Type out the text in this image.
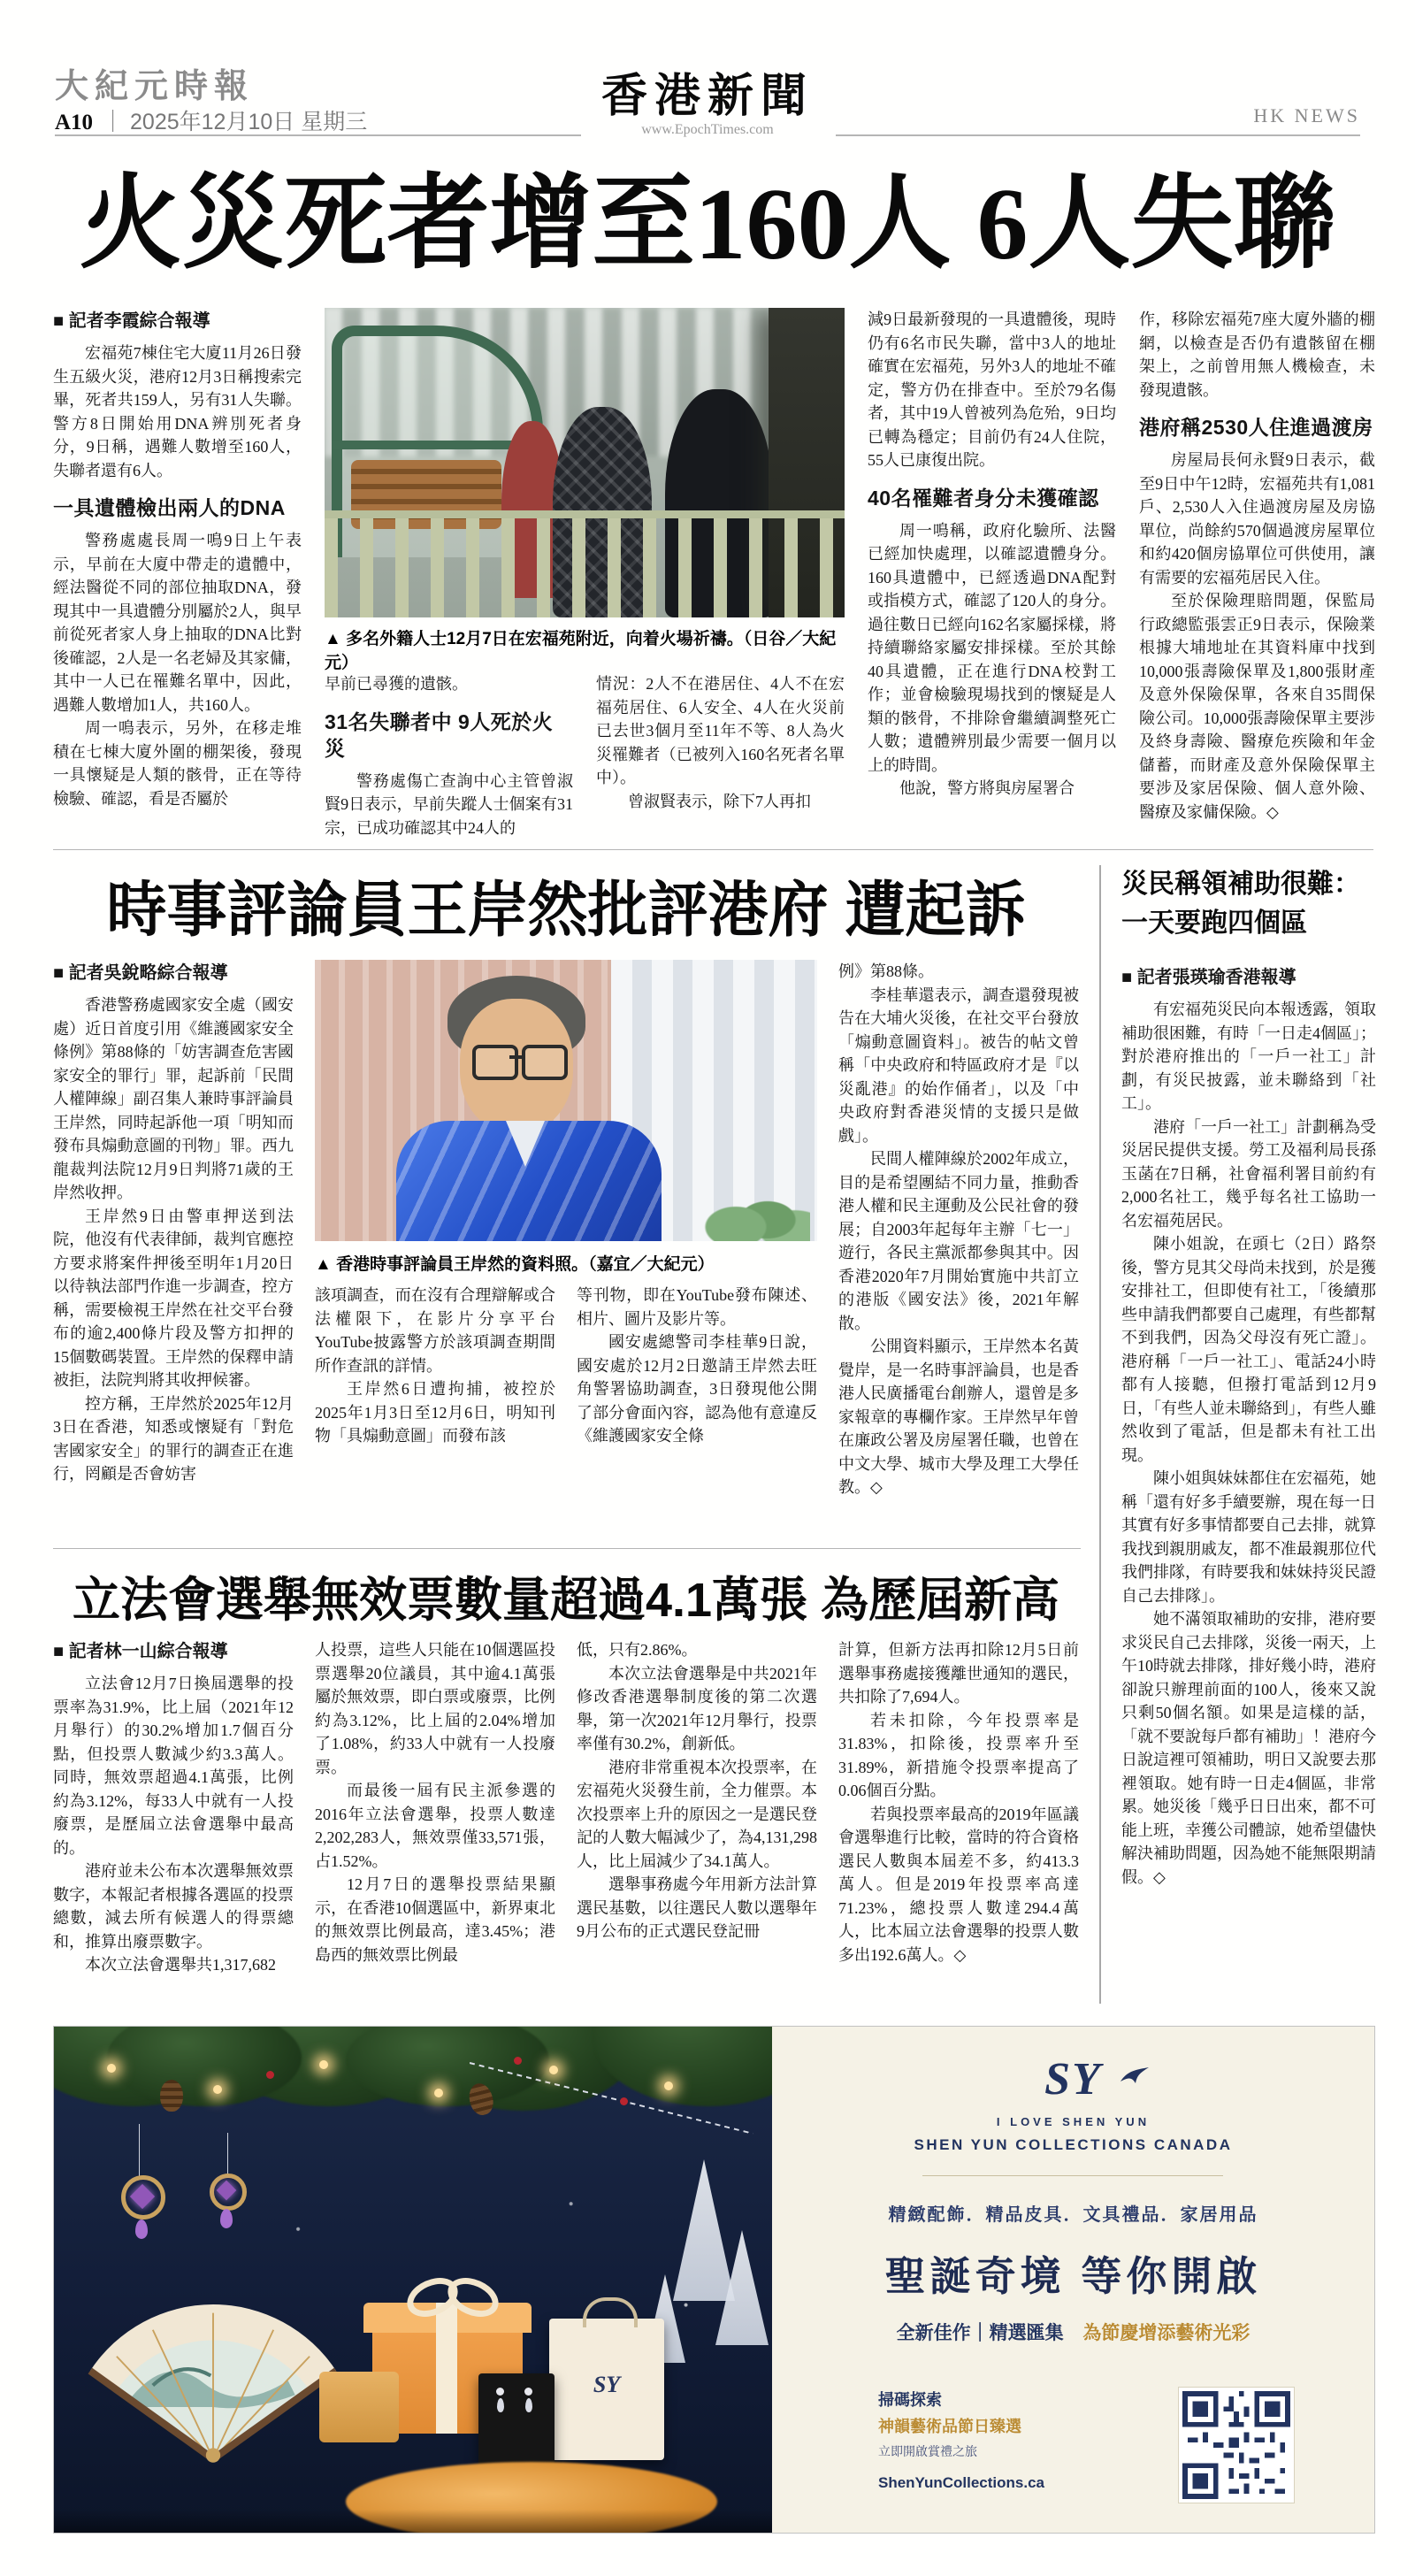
大紀元時報
A10 ｜ 2025年12月10日 星期三	香港新聞
www.EpochTimes.com
HK NEWS
火災死者增至160人 6人失聯

■ 記者李霞綜合報導

宏福苑7棟住宅大廈11月26日發生五級火災，港府12月3日稱搜索完畢，死者共159人，另有31人失聯。警方8日開始用DNA辨別死者身分，9日稱，遇難人數增至160人，失聯者還有6人。

一具遺體檢出兩人的DNA

警務處處長周一鳴9日上午表示，早前在大廈中帶走的遺體中，經法醫從不同的部位抽取DNA，發現其中一具遺體分別屬於2人，與早前從死者家人身上抽取的DNA比對後確認，2人是一名老婦及其家傭，其中一人已在罹難名單中，因此，遇難人數增加1人，共160人。

周一鳴表示，另外，在移走堆積在七棟大廈外圍的棚架後，發現一具懷疑是人類的骸骨，正在等待檢驗、確認，看是否屬於

▲ 多名外籍人士12月7日在宏福苑附近，向着火場祈禱。（日谷／大紀元）

早前已尋獲的遺骸。

31名失聯者中 9人死於火災

警務處傷亡查詢中心主管曾淑賢9日表示，早前失蹤人士個案有31宗，已成功確認其中24人的

情況：2人不在港居住、4人不在宏福苑居住、6人安全、4人在火災前已去世3個月至11年不等、8人為火災罹難者（已被列入160名死者名單中）。

曾淑賢表示，除下7人再扣

減9日最新發現的一具遺體後，現時仍有6名市民失聯，當中3人的地址確實在宏福苑，另外3人的地址不確定，警方仍在排查中。至於79名傷者，其中19人曾被列為危殆，9日均已轉為穩定；目前仍有24人住院，55人已康復出院。

40名罹難者身分未獲確認

周一鳴稱，政府化驗所、法醫已經加快處理，以確認遺體身分。160具遺體中，已經透過DNA配對或指模方式，確認了120人的身分。過往數日已經向162名家屬採樣，將持續聯絡家屬安排採樣。至於其餘40具遺體，正在進行DNA校對工作；並會檢驗現場找到的懷疑是人類的骸骨，不排除會繼續調整死亡人數；遺體辨別最少需要一個月以上的時間。

他說，警方將與房屋署合

作，移除宏福苑7座大廈外牆的棚網，以檢查是否仍有遺骸留在棚架上，之前曾用無人機檢查，未發現遺骸。

港府稱2530人住進過渡房

房屋局長何永賢9日表示，截至9日中午12時，宏福苑共有1,081戶、2,530人入住過渡房屋及房協單位，尚餘約570個過渡房屋單位和約420個房協單位可供使用，讓有需要的宏福苑居民入住。

至於保險理賠問題，保監局行政總監張雲正9日表示，保險業根據大埔地址在其資料庫中找到10,000張壽險保單及1,800張財產及意外保險保單，各來自35間保險公司。10,000張壽險保單主要涉及終身壽險、醫療危疾險和年金儲蓄，而財產及意外保險保單主要涉及家居保險、個人意外險、醫療及家傭保險。◇

時事評論員王岸然批評港府 遭起訴

■ 記者吳銳略綜合報導

香港警務處國家安全處（國安處）近日首度引用《維護國家安全條例》第88條的「妨害調查危害國家安全的罪行」罪，起訴前「民間人權陣線」副召集人兼時事評論員王岸然，同時起訴他一項「明知而發布具煽動意圖的刊物」罪。西九龍裁判法院12月9日判將71歲的王岸然收押。

王岸然9日由警車押送到法院，他沒有代表律師，裁判官應控方要求將案件押後至明年1月20日以待執法部門作進一步調查，控方稱，需要檢視王岸然在社交平台發布的逾2,400條片段及警方扣押的15個數碼裝置。王岸然的保釋申請被拒，法院判將其收押候審。

控方稱，王岸然於2025年12月3日在香港，知悉或懷疑有「對危害國家安全」的罪行的調查正在進行，罔顧是否會妨害

▲ 香港時事評論員王岸然的資料照。（嘉宜／大紀元）

該項調查，而在沒有合理辯解或合法權限下，在影片分享平台YouTube披露警方於該項調查期間所作查訊的詳情。

王岸然6日遭拘捕，被控於2025年1月3日至12月6日，明知刊物「具煽動意圖」而發布該

等刊物，即在YouTube發布陳述、相片、圖片及影片等。

國安處總警司李桂華9日說，國安處於12月2日邀請王岸然去旺角警署協助調查，3日發現他公開了部分會面內容，認為他有意違反《維護國家安全條

例》第88條。

李桂華還表示，調查還發現被告在大埔火災後，在社交平台發放「煽動意圖資料」。被告的帖文曾稱「中央政府和特區政府才是『以災亂港』的始作俑者」，以及「中央政府對香港災情的支援只是做戲」。

民間人權陣線於2002年成立，目的是希望團結不同力量，推動香港人權和民主運動及公民社會的發展；自2003年起每年主辦「七一」遊行，各民主黨派都參與其中。因香港2020年7月開始實施中共訂立的港版《國安法》後，2021年解散。

公開資料顯示，王岸然本名黃覺岸，是一名時事評論員，也是香港人民廣播電台創辦人，還曾是多家報章的專欄作家。王岸然早年曾在廉政公署及房屋署任職，也曾在中文大學、城市大學及理工大學任教。◇

立法會選舉無效票數量超過4.1萬張 為歷屆新高

■ 記者林一山綜合報導

立法會12月7日換屆選舉的投票率為31.9%，比上屆（2021年12月舉行）的30.2%增加1.7個百分點，但投票人數減少約3.3萬人。同時，無效票超過4.1萬張，比例約為3.12%，每33人中就有一人投廢票，是歷屆立法會選舉中最高的。

港府並未公布本次選舉無效票數字，本報記者根據各選區的投票總數，減去所有候選人的得票總和，推算出廢票數字。

本次立法會選舉共1,317,682

人投票，這些人只能在10個選區投票選舉20位議員，其中逾4.1萬張屬於無效票，即白票或廢票，比例約為3.12%，比上屆的2.04%增加了1.08%，約33人中就有一人投廢票。

而最後一屆有民主派參選的2016年立法會選舉，投票人數達2,202,283人，無效票僅33,571張，占1.52%。

12月7日的選舉投票結果顯示，在香港10個選區中，新界東北的無效票比例最高，達3.45%；港島西的無效票比例最

低，只有2.86%。

本次立法會選舉是中共2021年修改香港選舉制度後的第二次選舉，第一次2021年12月舉行，投票率僅有30.2%，創新低。

港府非常重視本次投票率，在宏福苑火災發生前，全力催票。本次投票率上升的原因之一是選民登記的人數大幅減少了，為4,131,298人，比上屆減少了34.1萬人。

選舉事務處今年用新方法計算選民基數，以往選民人數以選舉年9月公布的正式選民登記冊

計算，但新方法再扣除12月5日前選舉事務處接獲離世通知的選民，共扣除了7,694人。

若未扣除，今年投票率是31.83%，扣除後，投票率升至31.89%，新措施令投票率提高了0.06個百分點。

若與投票率最高的2019年區議會選舉進行比較，當時的符合資格選民人數與本屆差不多，約413.3萬人。但是2019年投票率高達71.23%，總投票人數達294.4萬人，比本屆立法會選舉的投票人數多出192.6萬人。◇

災民稱領補助很難：
一天要跑四個區

■ 記者張瑛瑜香港報導

有宏福苑災民向本報透露，領取補助很困難，有時「一日走4個區」；對於港府推出的「一戶一社工」計劃，有災民披露，並未聯絡到「社工」。

港府「一戶一社工」計劃稱為受災居民提供支援。勞工及福利局長孫玉菡在7日稱，社會福利署目前約有2,000名社工，幾乎每名社工協助一名宏福苑居民。

陳小姐說，在頭七（2日）路祭後，警方見其父母尚未找到，於是獲安排社工，但即使有社工，「後續那些申請我們都要自己處理，有些都幫不到我們，因為父母沒有死亡證」。港府稱「一戶一社工」、電話24小時都有人接聽，但撥打電話到12月9日，「有些人並未聯絡到」，有些人雖然收到了電話，但是都未有社工出現。

陳小姐與妹妹都住在宏福苑，她稱「還有好多手續要辦，現在每一日其實有好多事情都要自己去排，就算我找到親朋戚友，都不准最親那位代我們排隊，有時要我和妹妹持災民證自己去排隊」。

她不滿領取補助的安排，港府要求災民自己去排隊，災後一兩天，上午10時就去排隊，排好幾小時，港府卻說只辦理前面的100人，後來又說只剩50個名額。如果是這樣的話，「就不要說每戶都有補助」！港府今日說這裡可領補助，明日又說要去那裡領取。她有時一日走4個區，非常累。她災後「幾乎日日出來，都不可能上班，幸獲公司體諒，她希望儘快解決補助問題，因為她不能無限期請假。◇

SY
SY
I LOVE SHEN YUN
SHEN YUN COLLECTIONS CANADA
精緻配飾．精品皮具．文具禮品．家居用品
聖誕奇境 等你開啟
全新佳作｜精選匯集 為節慶增添藝術光彩
掃碼探索
神韻藝術品節日臻選
立即開啟賞禮之旅
ShenYunCollections.ca
